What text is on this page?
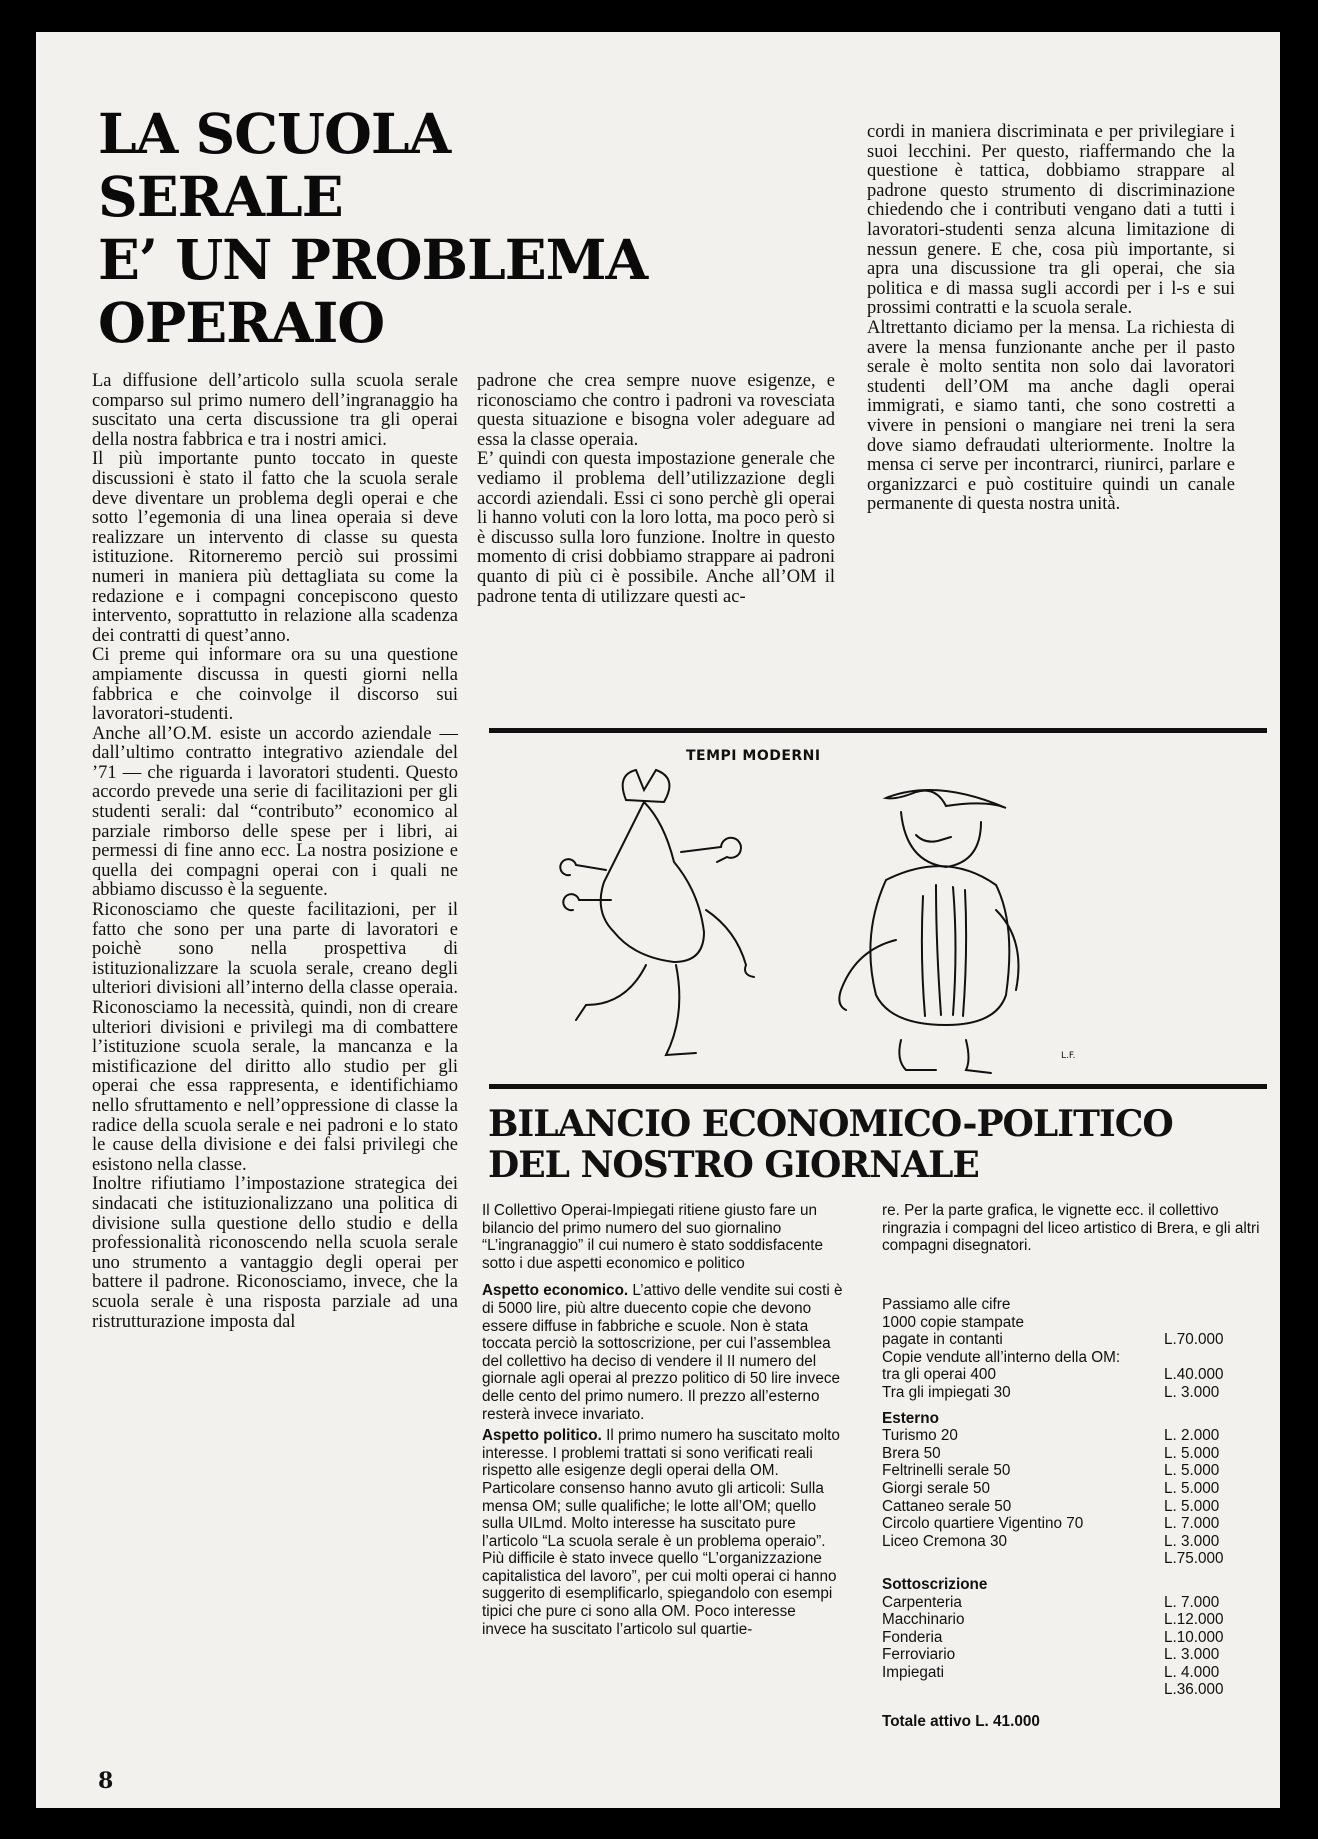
LA SCUOLA SERALE
E’ UN PROBLEMA
OPERAIO

La diffusione dell’articolo sulla scuola serale comparso sul primo numero dell’ingranaggio ha suscitato una certa discussione tra gli operai della nostra fabbrica e tra i nostri amici.

Il più importante punto toccato in queste discussioni è stato il fatto che la scuola serale deve diventare un problema degli operai e che sotto l’egemonia di una linea operaia si deve realizzare un intervento di classe su questa istituzione. Ritorneremo perciò sui prossimi numeri in maniera più dettagliata su come la redazione e i compagni concepiscono questo intervento, soprattutto in relazione alla scadenza dei contratti di quest’anno.

Ci preme qui informare ora su una questione ampiamente discussa in questi giorni nella fabbrica e che coinvolge il discorso sui lavoratori-studenti.

Anche all’O.M. esiste un accordo aziendale — dall’ultimo contratto integrativo aziendale del ’71 — che riguarda i lavoratori studenti. Questo accordo prevede una serie di facilitazioni per gli studenti serali: dal “contributo” economico al parziale rimborso delle spese per i libri, ai permessi di fine anno ecc. La nostra posizione e quella dei compagni operai con i quali ne abbiamo discusso è la seguente.

Riconosciamo che queste facilitazioni, per il fatto che sono per una parte di lavoratori e poichè sono nella prospettiva di istituzionalizzare la scuola serale, creano degli ulteriori divisioni all’interno della classe operaia. Riconosciamo la necessità, quindi, non di creare ulteriori divisioni e privilegi ma di combattere l’istituzione scuola serale, la mancanza e la mistificazione del diritto allo studio per gli operai che essa rappresenta, e identifichiamo nello sfruttamento e nell’oppressione di classe la radice della scuola serale e nei padroni e lo stato le cause della divisione e dei falsi privilegi che esistono nella classe.

Inoltre rifiutiamo l’impostazione strategica dei sindacati che istituzionalizzano una politica di divisione sulla questione dello studio e della professionalità riconoscendo nella scuola serale uno strumento a vantaggio degli operai per battere il padrone. Riconosciamo, invece, che la scuola serale è una risposta parziale ad una ristrutturazione imposta dal

padrone che crea sempre nuove esigenze, e riconosciamo che contro i padroni va rovesciata questa situazione e bisogna voler adeguare ad essa la classe operaia.

E’ quindi con questa impostazione generale che vediamo il problema dell’utilizzazione degli accordi aziendali. Essi ci sono perchè gli operai li hanno voluti con la loro lotta, ma poco però si è discusso sulla loro funzione. Inoltre in questo momento di crisi dobbiamo strappare ai padroni quanto di più ci è possibile. Anche all’OM il padrone tenta di utilizzare questi ac-

cordi in maniera discriminata e per privilegiare i suoi lecchini. Per questo, riaffermando che la questione è tattica, dobbiamo strappare al padrone questo strumento di discriminazione chiedendo che i contributi vengano dati a tutti i lavoratori-studenti senza alcuna limitazione di nessun genere. E che, cosa più importante, si apra una discussione tra gli operai, che sia politica e di massa sugli accordi per i l-s e sui prossimi contratti e la scuola serale.

Altrettanto diciamo per la mensa. La richiesta di avere la mensa funzionante anche per il pasto serale è molto sentita non solo dai lavoratori studenti dell’OM ma anche dagli operai immigrati, e siamo tanti, che sono costretti a vivere in pensioni o mangiare nei treni la sera dove siamo defraudati ulteriormente. Inoltre la mensa ci serve per incontrarci, riunirci, parlare e organizzarci e può costituire quindi un canale permanente di questa nostra unità.

TEMPI MODERNI
L.F.
BILANCIO ECONOMICO-POLITICO
DEL NOSTRO GIORNALE

Il Collettivo Operai-Impiegati ritiene giusto fare un bilancio del primo numero del suo giornalino “L’ingranaggio” il cui numero è stato soddisfacente sotto i due aspetti economico e politico

Aspetto economico. L’attivo delle vendite sui costi è di 5000 lire, più altre duecento copie che devono essere diffuse in fabbriche e scuole. Non è stata toccata perciò la sottoscrizione, per cui l’assemblea del collettivo ha deciso di vendere il II numero del giornale agli operai al prezzo politico di 50 lire invece delle cento del primo numero. Il prezzo all’esterno resterà invece invariato.

Aspetto politico. Il primo numero ha suscitato molto interesse. I problemi trattati si sono verificati reali rispetto alle esigenze degli operai della OM. Particolare consenso hanno avuto gli articoli: Sulla mensa OM; sulle qualifiche; le lotte all’OM; quello sulla UILmd. Molto interesse ha suscitato pure l’articolo “La scuola serale è un problema operaio”. Più difficile è stato invece quello “L’organizzazione capitalistica del lavoro”, per cui molti operai ci hanno suggerito di esemplificarlo, spiegandolo con esempi tipici che pure ci sono alla OM. Poco interesse invece ha suscitato l’articolo sul quartie-

re. Per la parte grafica, le vignette ecc. il collettivo ringrazia i compagni del liceo artistico di Brera, e gli altri compagni disegnatori.

Passiamo alle cifre
1000 copie stampate
pagate in contanti	L.70.000
Copie vendute all’interno della OM:
tra gli operai 400	L.40.000
Tra gli impiegati 30	L. 3.000
Esterno
Turismo 20	L. 2.000
Brera 50	L. 5.000
Feltrinelli serale 50	L. 5.000
Giorgi serale 50	L. 5.000
Cattaneo serale 50	L. 5.000
Circolo quartiere Vigentino 70	L. 7.000
Liceo Cremona 30	L. 3.000
L.75.000
Sottoscrizione
Carpenteria	L. 7.000
Macchinario	L.12.000
Fonderia	L.10.000
Ferroviario	L. 3.000
Impiegati	L. 4.000
L.36.000
Totale attivo L. 41.000
8
